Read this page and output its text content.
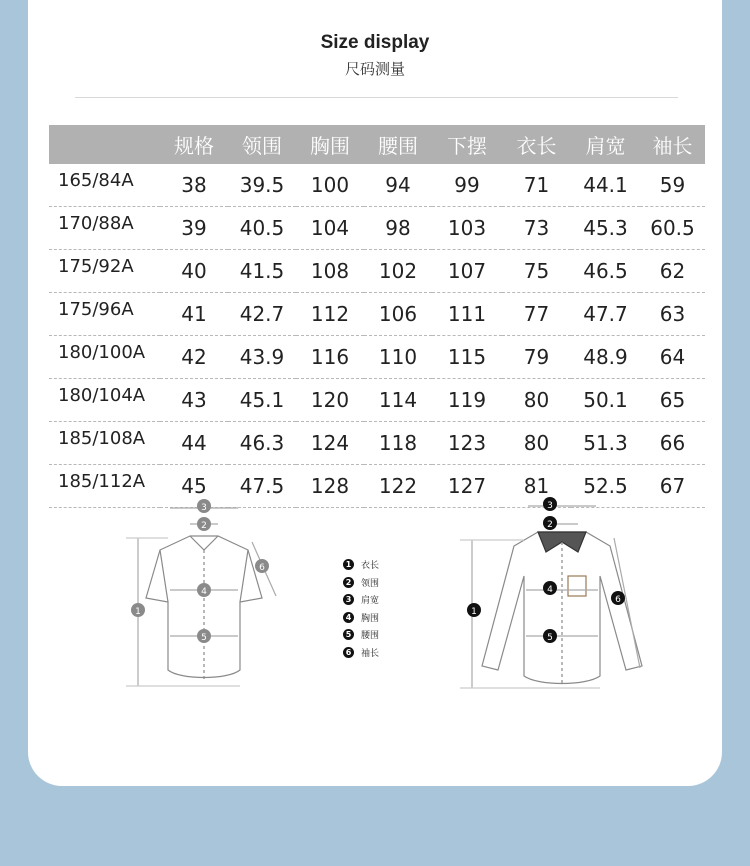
Size display
尺码测量
	规格	领围	胸围	腰围	下摆	衣长	肩宽	袖长
165/84A	38	39.5	100	94	99	71	44.1	59
170/88A	39	40.5	104	98	103	73	45.3	60.5
175/92A	40	41.5	108	102	107	75	46.5	62
175/96A	41	42.7	112	106	111	77	47.7	63
180/100A	42	43.9	116	110	115	79	48.9	64
180/104A	43	45.1	120	114	119	80	50.1	65
185/108A	44	46.3	124	118	123	80	51.3	66
185/112A	45	47.5	128	122	127	81	52.5	67
3
2
4
5
1
6
3
2
4
5
1
6
1	衣长
2	领围
3	肩宽
4	胸围
5	腰围
6	袖长
